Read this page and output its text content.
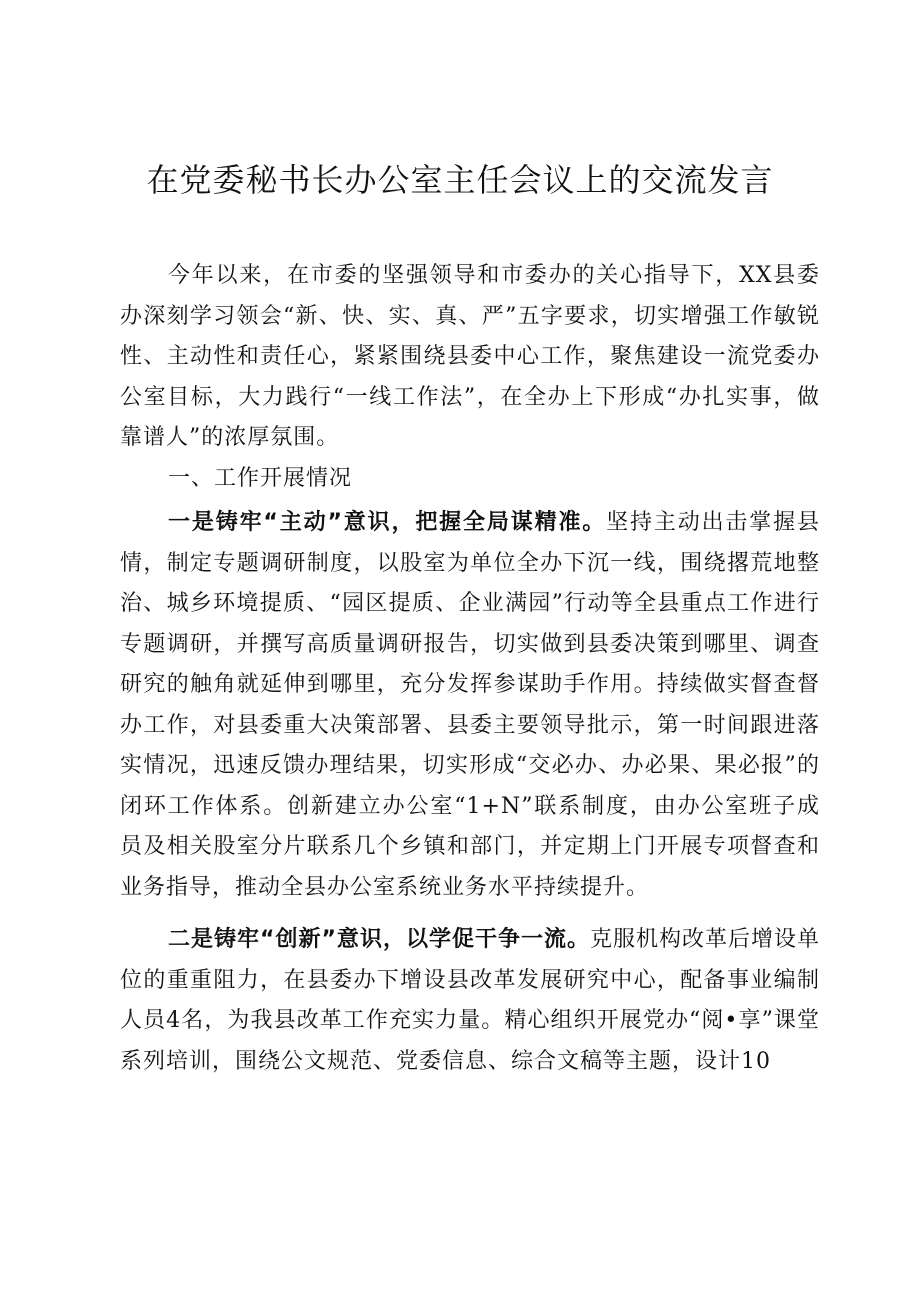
在党委秘书长办公室主任会议上的交流发言

今年以来，在市委的坚强领导和市委办的关心指导下，XX县委办深刻学习领会“新、快、实、真、严”五字要求，切实增强工作敏锐性、主动性和责任心，紧紧围绕县委中心工作，聚焦建设一流党委办公室目标，大力践行“一线工作法”，在全办上下形成“办扎实事，做靠谱人”的浓厚氛围。

一、工作开展情况

一是铸牢“主动”意识，把握全局谋精准。坚持主动出击掌握县情，制定专题调研制度，以股室为单位全办下沉一线，围绕撂荒地整治、城乡环境提质、“园区提质、企业满园”行动等全县重点工作进行专题调研，并撰写高质量调研报告，切实做到县委决策到哪里、调查研究的触角就延伸到哪里，充分发挥参谋助手作用。持续做实督查督办工作，对县委重大决策部署、县委主要领导批示，第一时间跟进落实情况，迅速反馈办理结果，切实形成“交必办、办必果、果必报”的闭环工作体系。创新建立办公室“1+N”联系制度，由办公室班子成员及相关股室分片联系几个乡镇和部门，并定期上门开展专项督查和业务指导，推动全县办公室系统业务水平持续提升。

二是铸牢“创新”意识，以学促干争一流。克服机构改革后增设单位的重重阻力，在县委办下增设县改革发展研究中心，配备事业编制人员4名，为我县改革工作充实力量。精心组织开展党办“阅•享”课堂系列培训，围绕公文规范、党委信息、综合文稿等主题，设计10
